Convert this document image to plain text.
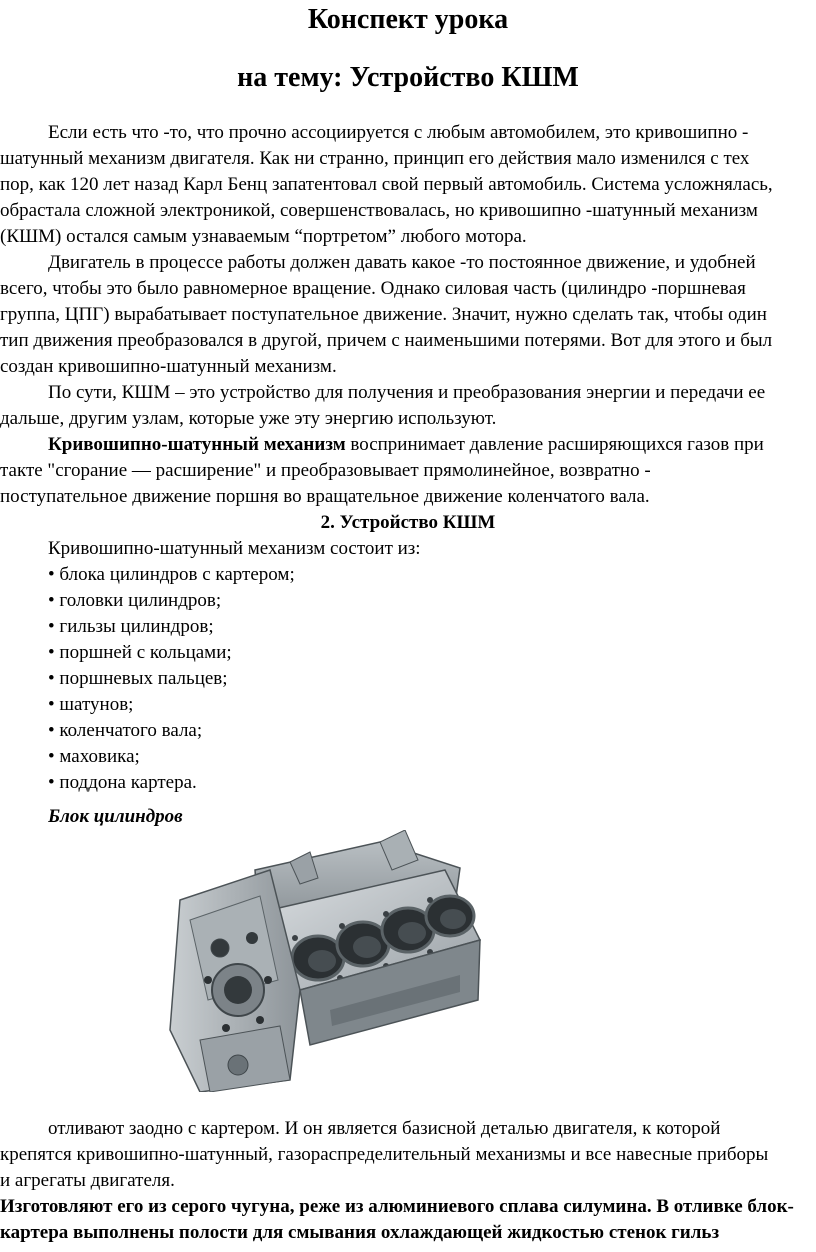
Конспект урока
на тему: Устройство КШМ
Если есть что -то, что прочно ассоциируется с любым автомобилем, это кривошипно -
шатунный механизм двигателя. Как ни странно, принцип его действия мало изменился с тех
пор, как 120 лет назад Карл Бенц запатентовал свой первый автомобиль. Система усложнялась,
обрастала сложной электроникой, совершенствовалась, но кривошипно -шатунный механизм
(КШМ) остался самым узнаваемым “портретом” любого мотора.
Двигатель в процессе работы должен давать какое -то постоянное движение, и удобней
всего, чтобы это было равномерное вращение. Однако силовая часть (цилиндро -поршневая
группа, ЦПГ) вырабатывает поступательное движение. Значит, нужно сделать так, чтобы один
тип движения преобразовался в другой, причем с наименьшими потерями. Вот для этого и был
создан кривошипно-шатунный механизм.
По сути, КШМ – это устройство для получения и преобразования энергии и передачи ее
дальше, другим узлам, которые уже эту энергию используют.
Кривошипно-шатунный механизм воспринимает давление расширяющихся газов при
такте "сгорание — расширение" и преобразовывает прямолинейное, возвратно -
поступательное движение поршня во вращательное движение коленчатого вала.
2. Устройство КШМ
Кривошипно-шатунный механизм состоит из:
• блока цилиндров с картером;
• головки цилиндров;
• гильзы цилиндров;
• поршней с кольцами;
• поршневых пальцев;
• шатунов;
• коленчатого вала;
• маховика;
• поддона картера.
Блок цилиндров
отливают заодно с картером. И он является базисной деталью двигателя, к которой
крепятся кривошипно-шатунный, газораспределительный механизмы и все навесные приборы
и агрегаты двигателя.
Изготовляют его из серого чугуна, реже из алюминиевого сплава силумина. В отливке блок-
картера выполнены полости для смывания охлаждающей жидкостью стенок гильз
